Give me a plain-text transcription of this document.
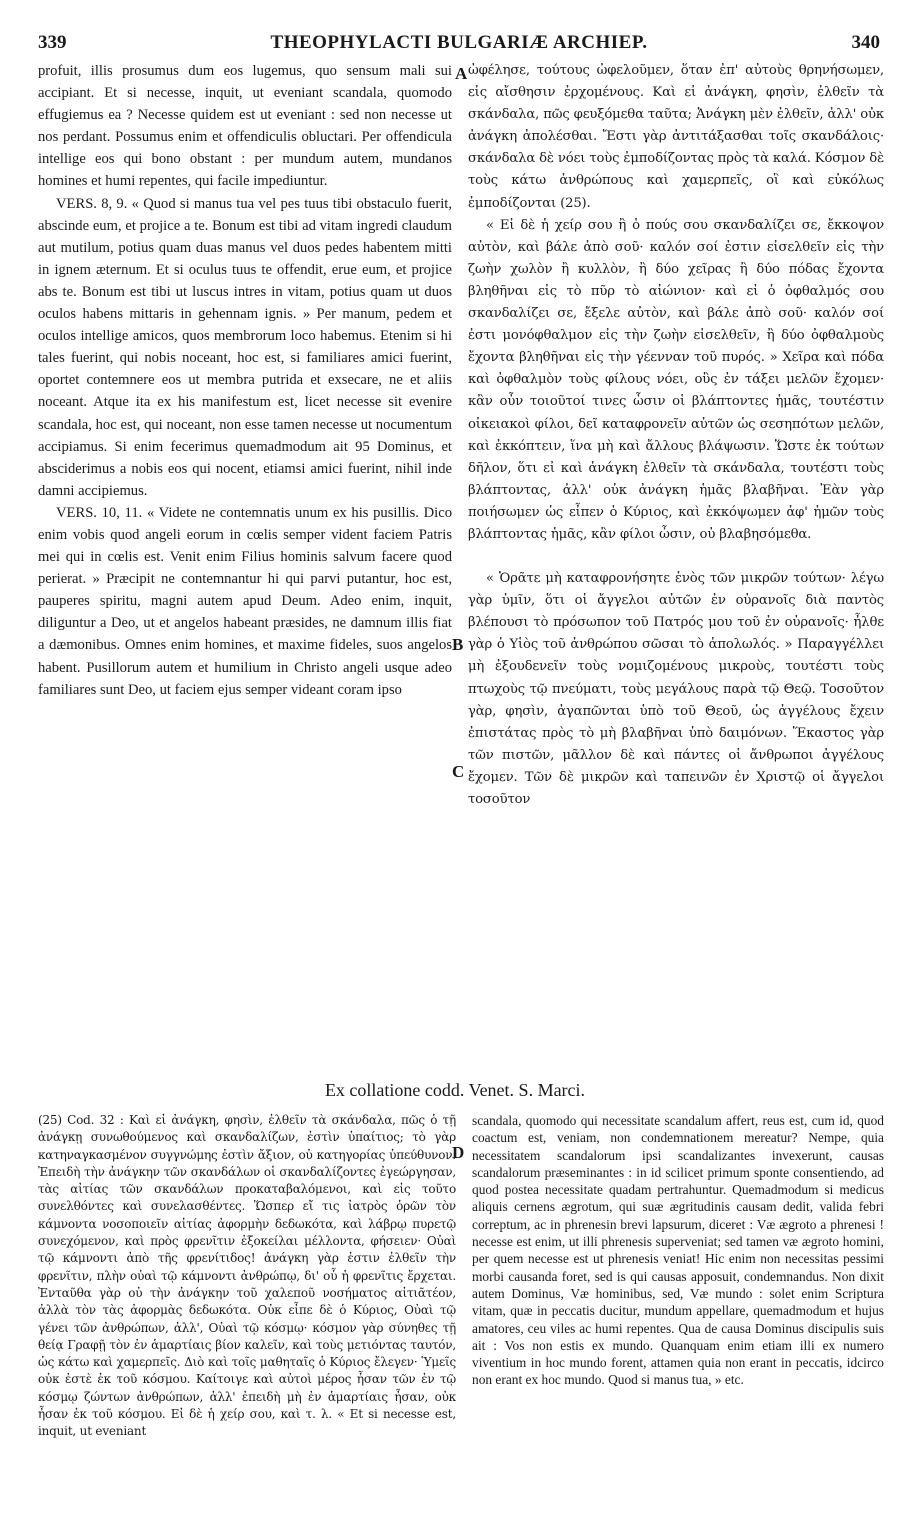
339	THEOPHYLACTI BULGARIÆ ARCHIEP.	340
A
B
C
D

profuit, illis prosumus dum eos lugemus, quo sensum mali sui accipiant. Et si necesse, inquit, ut eveniant scandala, quomodo effugiemus ea ? Necesse quidem est ut eveniant : sed non necesse ut nos perdant. Possumus enim et offendiculis obluctari. Per offendicula intellige eos qui bono obstant : per mundum autem, mundanos homines et humi repentes, qui facile impediuntur.

VERS. 8, 9. « Quod si manus tua vel pes tuus tibi obstaculo fuerit, abscinde eum, et projice a te. Bonum est tibi ad vitam ingredi claudum aut mutilum, potius quam duas manus vel duos pedes habentem mitti in ignem æternum. Et si oculus tuus te offendit, erue eum, et projice abs te. Bonum est tibi ut luscus intres in vitam, potius quam ut duos oculos habens mittaris in gehennam ignis. » Per manum, pedem et oculos intellige amicos, quos membrorum loco habemus. Etenim si hi tales fuerint, qui nobis noceant, hoc est, si familiares amici fuerint, oportet contemnere eos ut membra putrida et exsecare, ne et aliis noceant. Atque ita ex his manifestum est, licet necesse sit evenire scandala, hoc est, qui noceant, non esse tamen necesse ut nocumentum accipiamus. Si enim fecerimus quemadmodum ait 95 Dominus, et absciderimus a nobis eos qui nocent, etiamsi amici fuerint, nihil inde damni accipiemus.

VERS. 10, 11. « Videte ne contemnatis unum ex his pusillis. Dico enim vobis quod angeli eorum in cœlis semper vident faciem Patris mei qui in cœlis est. Venit enim Filius hominis salvum facere quod perierat. » Præcipit ne contemnantur hi qui parvi putantur, hoc est, pauperes spiritu, magni autem apud Deum. Adeo enim, inquit, diliguntur a Deo, ut et angelos habeant præsides, ne damnum illis fiat a dæmonibus. Omnes enim homines, et maxime fideles, suos angelos habent. Pusillorum autem et humilium in Christo angeli usque adeo familiares sunt Deo, ut faciem ejus semper videant coram ipso

ὠφέλησε, τούτους ὠφελοῦμεν, ὅταν ἐπ' αὐτοὺς θρηνήσωμεν, εἰς αἴσθησιν ἐρχομένους. Καὶ εἰ ἀνάγκη, φησὶν, ἐλθεῖν τὰ σκάνδαλα, πῶς φευξόμεθα ταῦτα; Ἀνάγκη μὲν ἐλθεῖν, ἀλλ' οὐκ ἀνάγκη ἀπολέσθαι. Ἔστι γὰρ ἀντιτάξασθαι τοῖς σκανδάλοις· σκάνδαλα δὲ νόει τοὺς ἐμποδίζοντας πρὸς τὰ καλά. Κόσμον δὲ τοὺς κάτω ἀνθρώπους καὶ χαμερπεῖς, οἳ καὶ εὐκόλως ἐμποδίζονται (25).

« Εἰ δὲ ἡ χείρ σου ἢ ὁ πούς σου σκανδαλίζει σε, ἔκκοψον αὐτὸν, καὶ βάλε ἀπὸ σοῦ· καλόν σοί ἐστιν εἰσελθεῖν εἰς τὴν ζωὴν χωλὸν ἢ κυλλὸν, ἢ δύο χεῖρας ἢ δύο πόδας ἔχοντα βληθῆναι εἰς τὸ πῦρ τὸ αἰώνιον· καὶ εἰ ὁ ὀφθαλμός σου σκανδαλίζει σε, ἔξελε αὐτὸν, καὶ βάλε ἀπὸ σοῦ· καλόν σοί ἐστι μονόφθαλμον εἰς τὴν ζωὴν εἰσελθεῖν, ἢ δύο ὀφθαλμοὺς ἔχοντα βληθῆναι εἰς τὴν γέενναν τοῦ πυρός. » Χεῖρα καὶ πόδα καὶ ὀφθαλμὸν τοὺς φίλους νόει, οὓς ἐν τάξει μελῶν ἔχομεν· κἂν οὖν τοιοῦτοί τινες ὦσιν οἱ βλάπτοντες ἡμᾶς, τουτέστιν οἰκειακοὶ φίλοι, δεῖ καταφρονεῖν αὐτῶν ὡς σεσηπότων μελῶν, καὶ ἐκκόπτειν, ἵνα μὴ καὶ ἄλλους βλάψωσιν. Ὥστε ἐκ τούτων δῆλον, ὅτι εἰ καὶ ἀνάγκη ἐλθεῖν τὰ σκάνδαλα, τουτέστι τοὺς βλάπτοντας, ἀλλ' οὐκ ἀνάγκη ἡμᾶς βλαβῆναι. Ἐὰν γὰρ ποιήσωμεν ὡς εἶπεν ὁ Κύριος, καὶ ἐκκόψωμεν ἀφ' ἡμῶν τοὺς βλάπτοντας ἡμᾶς, κἂν φίλοι ὦσιν, οὐ βλαβησόμεθα.

« Ὁρᾶτε μὴ καταφρονήσητε ἑνὸς τῶν μικρῶν τούτων· λέγω γὰρ ὑμῖν, ὅτι οἱ ἄγγελοι αὐτῶν ἐν οὐρανοῖς διὰ παντὸς βλέπουσι τὸ πρόσωπον τοῦ Πατρός μου τοῦ ἐν οὐρανοῖς· ἦλθε γὰρ ὁ Υἱὸς τοῦ ἀνθρώπου σῶσαι τὸ ἀπολωλός. » Παραγγέλλει μὴ ἐξουδενεῖν τοὺς νομιζομένους μικροὺς, τουτέστι τοὺς πτωχοὺς τῷ πνεύματι, τοὺς μεγάλους παρὰ τῷ Θεῷ. Τοσοῦτον γὰρ, φησὶν, ἀγαπῶνται ὑπὸ τοῦ Θεοῦ, ὡς ἀγγέλους ἔχειν ἐπιστάτας πρὸς τὸ μὴ βλαβῆναι ὑπὸ δαιμόνων. Ἕκαστος γὰρ τῶν πιστῶν, μᾶλλον δὲ καὶ πάντες οἱ ἄνθρωποι ἀγγέλους ἔχομεν. Τῶν δὲ μικρῶν καὶ ταπεινῶν ἐν Χριστῷ οἱ ἄγγελοι τοσοῦτον

Ex collatione codd. Venet. S. Marci.

(25) Cod. 32 : Καὶ εἰ ἀνάγκη, φησὶν, ἐλθεῖν τὰ σκάνδαλα, πῶς ὁ τῇ ἀνάγκῃ συνωθούμενος καὶ σκανδαλίζων, ἐστὶν ὑπαίτιος; τὸ γὰρ κατηναγκασμένον συγγνώμης ἐστὶν ἄξιον, οὐ κατηγορίας ὑπεύθυνον. Ἐπειδὴ τὴν ἀνάγκην τῶν σκανδάλων οἱ σκανδαλίζοντες ἐγεώργησαν, τὰς αἰτίας τῶν σκανδάλων προκαταβαλόμενοι, καὶ εἰς τοῦτο συνελθόντες καὶ συνελασθέντες. Ὥσπερ εἴ τις ἰατρὸς ὁρῶν τὸν κάμνοντα νοσοποιεῖν αἰτίας ἀφορμὴν δεδωκότα, καὶ λάβρῳ πυρετῷ συνεχόμενον, καὶ πρὸς φρενῖτιν ἐξοκείλαι μέλλοντα, φήσειεν· Οὐαὶ τῷ κάμνοντι ἀπὸ τῆς φρενίτιδος! ἀνάγκη γὰρ ἐστιν ἐλθεῖν τὴν φρενῖτιν, πλὴν οὐαὶ τῷ κάμνοντι ἀνθρώπῳ, δι' οὗ ἡ φρενῖτις ἔρχεται. Ἐνταῦθα γὰρ οὐ τὴν ἀνάγκην τοῦ χαλεποῦ νοσήματος αἰτιᾶτέον, ἀλλὰ τὸν τὰς ἀφορμὰς δεδωκότα. Οὐκ εἶπε δὲ ὁ Κύριος, Οὐαὶ τῷ γένει τῶν ἀνθρώπων, ἀλλ', Οὐαὶ τῷ κόσμῳ· κόσμον γὰρ σύνηθες τῇ θείᾳ Γραφῇ τὸν ἐν ἁμαρτίαις βίον καλεῖν, καὶ τοὺς μετιόντας ταυτόν, ὡς κάτω καὶ χαμερπεῖς. Διὸ καὶ τοῖς μαθηταῖς ὁ Κύριος ἔλεγεν· Ὑμεῖς οὐκ ἐστὲ ἐκ τοῦ κόσμου. Καίτοιγε καὶ αὐτοὶ μέρος ἦσαν τῶν ἐν τῷ κόσμῳ ζώντων ἀνθρώπων, ἀλλ' ἐπειδὴ μὴ ἐν ἁμαρτίαις ἦσαν, οὐκ ἦσαν ἐκ τοῦ κόσμου. Εἰ δὲ ἡ χείρ σου, καὶ τ. λ. « Et si necesse est, inquit, ut eveniant

scandala, quomodo qui necessitate scandalum affert, reus est, cum id, quod coactum est, veniam, non condemnationem mereatur? Nempe, quia necessitatem scandalorum ipsi scandalizantes invexerunt, causas scandalorum præseminantes : in id scilicet primum sponte consentiendo, ad quod postea necessitate quadam pertrahuntur. Quemadmodum si medicus aliquis cernens ægrotum, qui suæ ægritudinis causam dedit, valida febri correptum, ac in phrenesin brevi lapsurum, diceret : Væ ægroto a phrenesi ! necesse est enim, ut illi phrenesis superveniat; sed tamen væ ægroto homini, per quem necesse est ut phrenesis veniat! Hic enim non necessitas pessimi morbi causanda foret, sed is qui causas apposuit, condemnandus. Non dixit autem Dominus, Væ hominibus, sed, Væ mundo : solet enim Scriptura vitam, quæ in peccatis ducitur, mundum appellare, quemadmodum et hujus amatores, ceu viles ac humi repentes. Qua de causa Dominus discipulis suis ait : Vos non estis ex mundo. Quanquam enim etiam illi ex numero viventium in hoc mundo forent, attamen quia non erant in peccatis, idcirco non erant ex hoc mundo. Quod si manus tua, » etc.
